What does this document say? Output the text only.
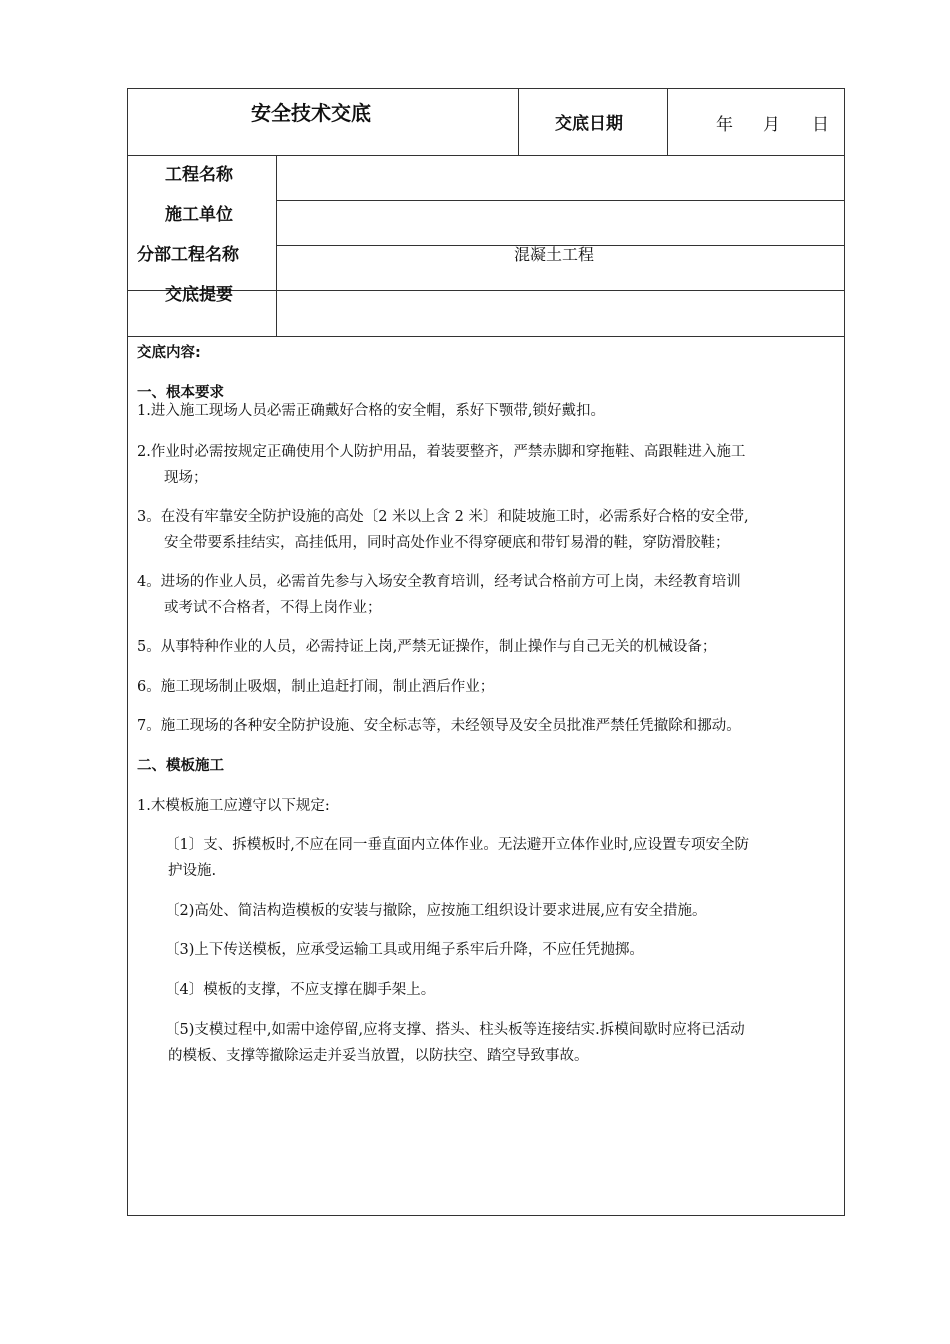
安全技术交底	交底日期	年 月 日
工程名称
施工单位
分部工程名称
交底提要
混凝土工程
交底内容:
一、根本要求
1.进入施工现场人员必需正确戴好合格的安全帽，系好下颚带,锁好戴扣。
2.作业时必需按规定正确使用个人防护用品，着装要整齐，严禁赤脚和穿拖鞋、高跟鞋进入施工
现场；
3。在没有牢靠安全防护设施的高处〔2 米以上含 2 米〕和陡坡施工时，必需系好合格的安全带,
安全带要系挂结实，高挂低用，同时高处作业不得穿硬底和带钉易滑的鞋，穿防滑胶鞋；
4。进场的作业人员，必需首先参与入场安全教育培训，经考试合格前方可上岗，未经教育培训
或考试不合格者，不得上岗作业；
5。从事特种作业的人员，必需持证上岗,严禁无证操作，制止操作与自己无关的机械设备；
6。施工现场制止吸烟，制止追赶打闹，制止酒后作业；
7。施工现场的各种安全防护设施、安全标志等，未经领导及安全员批准严禁任凭撤除和挪动。
二、模板施工
1.木模板施工应遵守以下规定:
〔1〕支、拆模板时,不应在同一垂直面内立体作业。无法避开立体作业时,应设置专项安全防
护设施.
〔2)高处、简洁构造模板的安装与撤除，应按施工组织设计要求进展,应有安全措施。
〔3)上下传送模板，应承受运输工具或用绳子系牢后升降，不应任凭抛掷。
〔4〕模板的支撑，不应支撑在脚手架上。
〔5)支模过程中,如需中途停留,应将支撑、搭头、柱头板等连接结实.拆模间歇时应将已活动
的模板、支撑等撤除运走并妥当放置，以防扶空、踏空导致事故。
